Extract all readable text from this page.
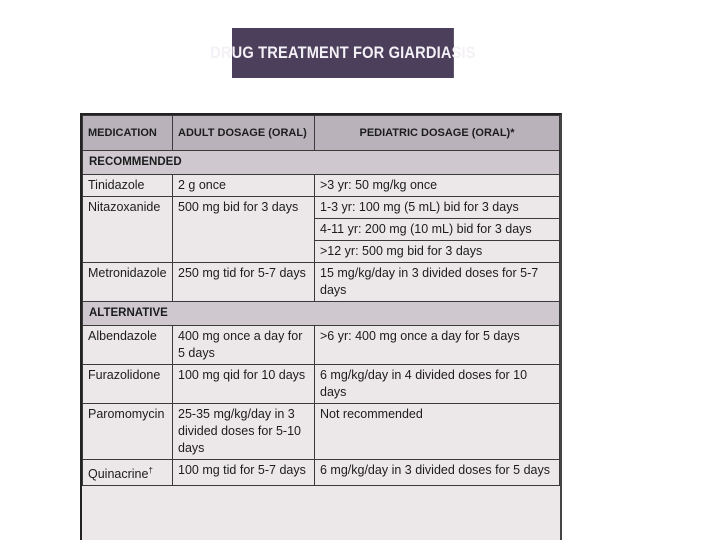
DRUG TREATMENT FOR GIARDIASIS
MEDICATION	ADULT DOSAGE (ORAL)	PEDIATRIC DOSAGE (ORAL)*
RECOMMENDED		
Tinidazole	2 g once	>3 yr: 50 mg/kg once
Nitazoxanide	500 mg bid for 3 days	1-3 yr: 100 mg (5 mL) bid for 3 days
		4-11 yr: 200 mg (10 mL) bid for 3 days
		>12 yr: 500 mg bid for 3 days
Metronidazole	250 mg tid for 5-7 days	15 mg/kg/day in 3 divided doses for 5-7 days
ALTERNATIVE		
Albendazole	400 mg once a day for 5 days	>6 yr: 400 mg once a day for 5 days
Furazolidone	100 mg qid for 10 days	6 mg/kg/day in 4 divided doses for 10 days
Paromomycin	25-35 mg/kg/day in 3 divided doses for 5-10 days	Not recommended
Quinacrine†	100 mg tid for 5-7 days	6 mg/kg/day in 3 divided doses for 5 days
